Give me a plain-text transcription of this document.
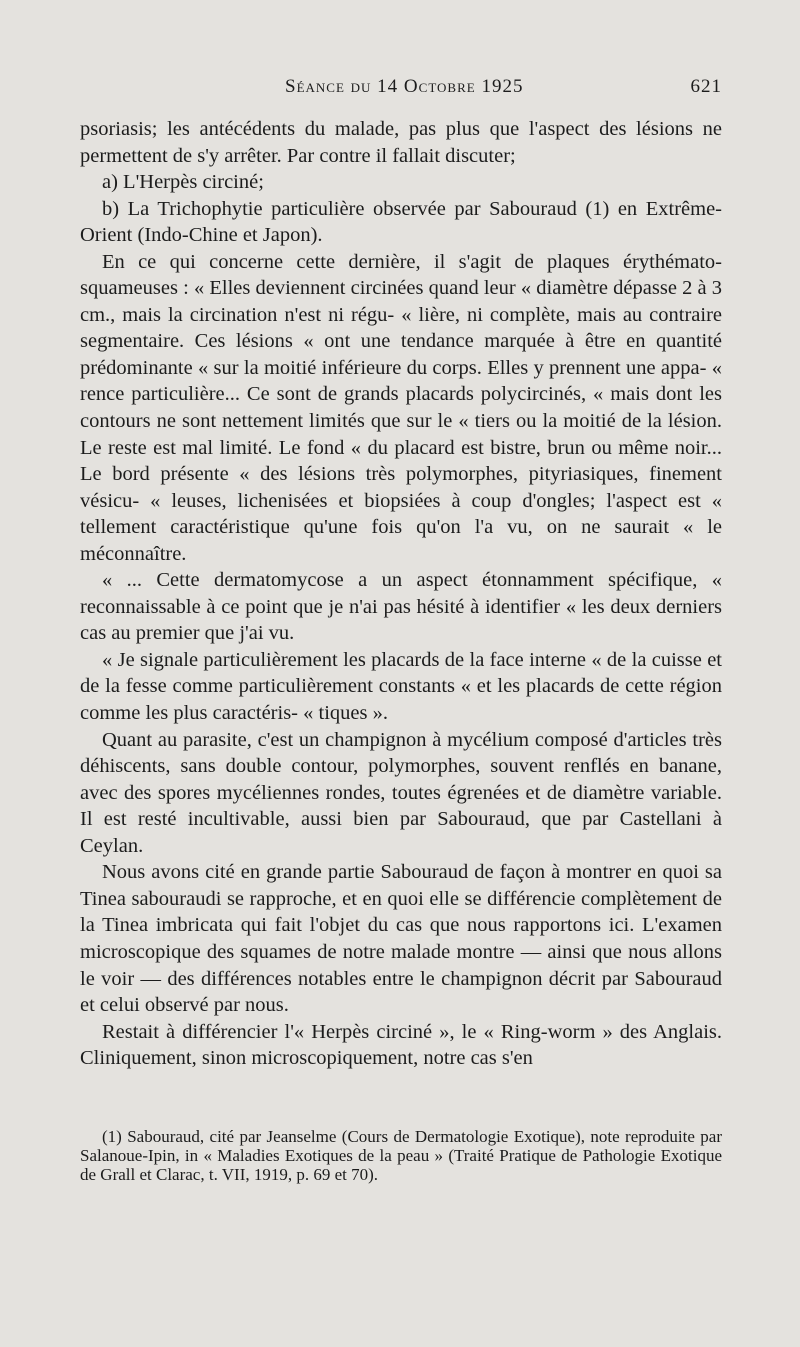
Séance du 14 Octobre 1925	621

psoriasis; les antécédents du malade, pas plus que l'aspect des lésions ne permettent de s'y arrêter. Par contre il fallait discuter;

a) L'Herpès circiné;

b) La Trichophytie particulière observée par Sabouraud (1) en Extrême-Orient (Indo-Chine et Japon).

En ce qui concerne cette dernière, il s'agit de plaques érythémato-squameuses : « Elles deviennent circinées quand leur « diamètre dépasse 2 à 3 cm., mais la circination n'est ni régu- « lière, ni complète, mais au contraire segmentaire. Ces lésions « ont une tendance marquée à être en quantité prédominante « sur la moitié inférieure du corps. Elles y prennent une appa- « rence particulière... Ce sont de grands placards polycircinés, « mais dont les contours ne sont nettement limités que sur le « tiers ou la moitié de la lésion. Le reste est mal limité. Le fond « du placard est bistre, brun ou même noir... Le bord présente « des lésions très polymorphes, pityriasiques, finement vésicu- « leuses, lichenisées et biopsiées à coup d'ongles; l'aspect est « tellement caractéristique qu'une fois qu'on l'a vu, on ne saurait « le méconnaître.

« ... Cette dermatomycose a un aspect étonnamment spécifique, « reconnaissable à ce point que je n'ai pas hésité à identifier « les deux derniers cas au premier que j'ai vu.

« Je signale particulièrement les placards de la face interne « de la cuisse et de la fesse comme particulièrement constants « et les placards de cette région comme les plus caractéris- « tiques ».

Quant au parasite, c'est un champignon à mycélium composé d'articles très déhiscents, sans double contour, polymorphes, souvent renflés en banane, avec des spores mycéliennes rondes, toutes égrenées et de diamètre variable. Il est resté incultivable, aussi bien par Sabouraud, que par Castellani à Ceylan.

Nous avons cité en grande partie Sabouraud de façon à montrer en quoi sa Tinea sabouraudi se rapproche, et en quoi elle se différencie complètement de la Tinea imbricata qui fait l'objet du cas que nous rapportons ici. L'examen microscopique des squames de notre malade montre — ainsi que nous allons le voir — des différences notables entre le champignon décrit par Sabouraud et celui observé par nous.

Restait à différencier l'« Herpès circiné », le « Ring-worm » des Anglais. Cliniquement, sinon microscopiquement, notre cas s'en

(1) Sabouraud, cité par Jeanselme (Cours de Dermatologie Exotique), note reproduite par Salanoue-Ipin, in « Maladies Exotiques de la peau » (Traité Pratique de Pathologie Exotique de Grall et Clarac, t. VII, 1919, p. 69 et 70).
